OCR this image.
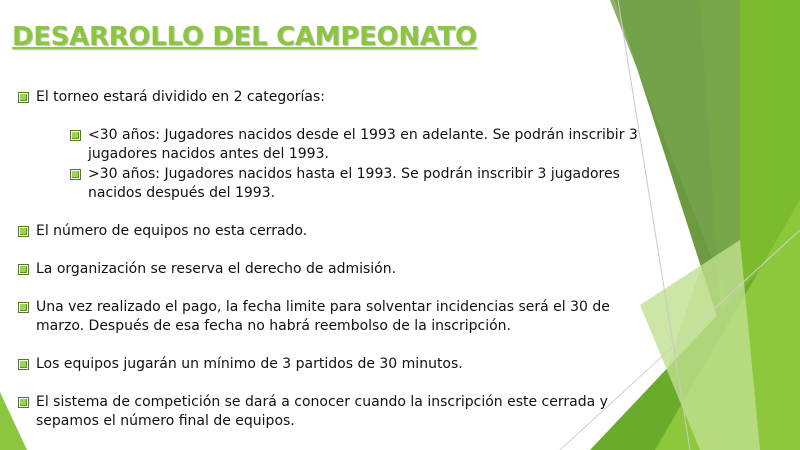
DESARROLLO DEL CAMPEONATO
El torneo estará dividido en 2 categorías:
<30 años: Jugadores nacidos desde el 1993 en adelante. Se podrán inscribir 3 jugadores nacidos antes del 1993.
>30 años: Jugadores nacidos hasta el 1993. Se podrán inscribir 3 jugadores nacidos después del 1993.
El número de equipos no esta cerrado.
La organización se reserva el derecho de admisión.
Una vez realizado el pago, la fecha limite para solventar incidencias será el 30 de marzo. Después de esa fecha no habrá reembolso de la inscripción.
Los equipos jugarán un mínimo de 3 partidos de 30 minutos.
El sistema de competición se dará a conocer cuando la inscripción este cerrada y sepamos el número final de equipos.
